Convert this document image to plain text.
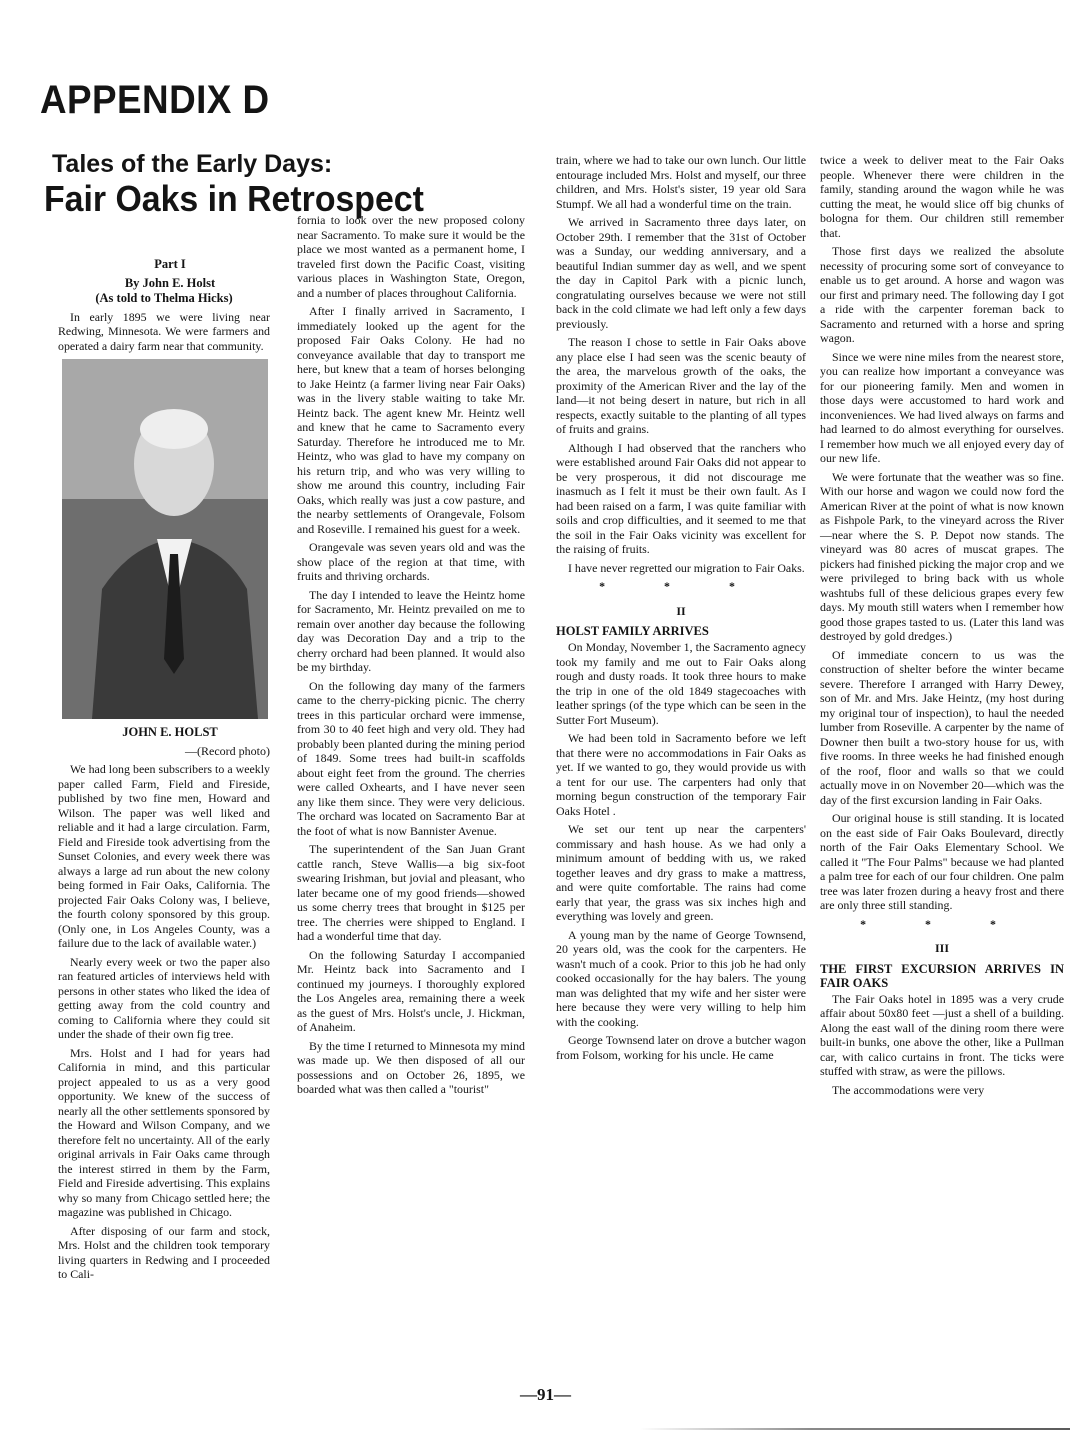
APPENDIX D
Tales of the Early Days:
Fair Oaks in Retrospect

Part I

By John E. Holst
(As told to Thelma Hicks)

In early 1895 we were living near Redwing, Minnesota. We were farmers and operated a dairy farm near that community.

JOHN E. HOLST

—(Record photo)

We had long been subscribers to a weekly paper called Farm, Field and Fireside, published by two fine men, Howard and Wilson. The paper was well liked and reliable and it had a large circulation. Farm, Field and Fireside took advertising from the Sunset Colonies, and every week there was always a large ad run about the new colony being formed in Fair Oaks, California. The projected Fair Oaks Colony was, I believe, the fourth colony sponsored by this group. (Only one, in Los Angeles County, was a failure due to the lack of available water.)

Nearly every week or two the paper also ran featured articles of interviews held with persons in other states who liked the idea of getting away from the cold country and coming to California where they could sit under the shade of their own fig tree.

Mrs. Holst and I had for years had California in mind, and this particular project appealed to us as a very good opportunity. We knew of the success of nearly all the other settlements sponsored by the Howard and Wilson Company, and we therefore felt no uncertainty. All of the early original arrivals in Fair Oaks came through the interest stirred in them by the Farm, Field and Fireside advertising. This explains why so many from Chicago settled here; the magazine was published in Chicago.

After disposing of our farm and stock, Mrs. Holst and the children took temporary living quarters in Redwing and I proceeded to Cali-

fornia to look over the new proposed colony near Sacramento. To make sure it would be the place we most wanted as a permanent home, I traveled first down the Pacific Coast, visiting various places in Washington State, Oregon, and a number of places throughout California.

After I finally arrived in Sacramento, I immediately looked up the agent for the proposed Fair Oaks Colony. He had no conveyance available that day to transport me here, but knew that a team of horses belonging to Jake Heintz (a farmer living near Fair Oaks) was in the livery stable waiting to take Mr. Heintz back. The agent knew Mr. Heintz well and knew that he came to Sacramento every Saturday. Therefore he introduced me to Mr. Heintz, who was glad to have my company on his return trip, and who was very willing to show me around this country, including Fair Oaks, which really was just a cow pasture, and the nearby settlements of Orangevale, Folsom and Roseville. I remained his guest for a week.

Orangevale was seven years old and was the show place of the region at that time, with fruits and thriving orchards.

The day I intended to leave the Heintz home for Sacramento, Mr. Heintz prevailed on me to remain over another day because the following day was Decoration Day and a trip to the cherry orchard had been planned. It would also be my birthday.

On the following day many of the farmers came to the cherry-picking picnic. The cherry trees in this particular orchard were immense, from 30 to 40 feet high and very old. They had probably been planted during the mining period of 1849. Some trees had built-in scaffolds about eight feet from the ground. The cherries were called Oxhearts, and I have never seen any like them since. They were very delicious. The orchard was located on Sacramento Bar at the foot of what is now Bannister Avenue.

The superintendent of the San Juan Grant cattle ranch, Steve Wallis—a big six-foot swearing Irishman, but jovial and pleasant, who later became one of my good friends—showed us some cherry trees that brought in $125 per tree. The cherries were shipped to England. I had a wonderful time that day.

On the following Saturday I accompanied Mr. Heintz back into Sacramento and I continued my journeys. I thoroughly explored the Los Angeles area, remaining there a week as the guest of Mrs. Holst's uncle, J. Hickman, of Anaheim.

By the time I returned to Minnesota my mind was made up. We then disposed of all our possessions and on October 26, 1895, we boarded what was then called a "tourist"

train, where we had to take our own lunch. Our little entourage included Mrs. Holst and myself, our three children, and Mrs. Holst's sister, 19 year old Sara Stumpf. We all had a wonderful time on the train.

We arrived in Sacramento three days later, on October 29th. I remember that the 31st of October was a Sunday, our wedding anniversary, and a beautiful Indian summer day as well, and we spent the day in Capitol Park with a picnic lunch, congratulating ourselves because we were not still back in the cold climate we had left only a few days previously.

The reason I chose to settle in Fair Oaks above any place else I had seen was the scenic beauty of the area, the marvelous growth of the oaks, the proximity of the American River and the lay of the land—it not being desert in nature, but rich in all respects, exactly suitable to the planting of all types of fruits and grains.

Although I had observed that the ranchers who were established around Fair Oaks did not appear to be very prosperous, it did not discourage me inasmuch as I felt it must be their own fault. As I had been raised on a farm, I was quite familiar with soils and crop difficulties, and it seemed to me that the soil in the Fair Oaks vicinity was excellent for the raising of fruits.

I have never regretted our migration to Fair Oaks.

* * *
II
HOLST FAMILY ARRIVES

On Monday, November 1, the Sacramento agnecy took my family and me out to Fair Oaks along rough and dusty roads. It took three hours to make the trip in one of the old 1849 stagecoaches with leather springs (of the type which can be seen in the Sutter Fort Museum).

We had been told in Sacramento before we left that there were no accommodations in Fair Oaks as yet. If we wanted to go, they would provide us with a tent for our use. The carpenters had only that morning begun construction of the temporary Fair Oaks Hotel .

We set our tent up near the carpenters' commissary and hash house. As we had only a minimum amount of bedding with us, we raked together leaves and dry grass to make a mattress, and were quite comfortable. The rains had come early that year, the grass was six inches high and everything was lovely and green.

A young man by the name of George Townsend, 20 years old, was the cook for the carpenters. He wasn't much of a cook. Prior to this job he had only cooked occasionally for the hay balers. The young man was delighted that my wife and her sister were here because they were very willing to help him with the cooking.

George Townsend later on drove a butcher wagon from Folsom, working for his uncle. He came

twice a week to deliver meat to the Fair Oaks people. Whenever there were children in the family, standing around the wagon while he was cutting the meat, he would slice off big chunks of bologna for them. Our children still remember that.

Those first days we realized the absolute necessity of procuring some sort of conveyance to enable us to get around. A horse and wagon was our first and primary need. The following day I got a ride with the carpenter foreman back to Sacramento and returned with a horse and spring wagon.

Since we were nine miles from the nearest store, you can realize how important a conveyance was for our pioneering family. Men and women in those days were accustomed to hard work and inconveniences. We had lived always on farms and had learned to do almost everything for ourselves. I remember how much we all enjoyed every day of our new life.

We were fortunate that the weather was so fine. With our horse and wagon we could now ford the American River at the point of what is now known as Fishpole Park, to the vineyard across the River—near where the S. P. Depot now stands. The vineyard was 80 acres of muscat grapes. The pickers had finished picking the major crop and we were privileged to bring back with us whole washtubs full of these delicious grapes every few days. My mouth still waters when I remember how good those grapes tasted to us. (Later this land was destroyed by gold dredges.)

Of immediate concern to us was the construction of shelter before the winter became severe. Therefore I arranged with Harry Dewey, son of Mr. and Mrs. Jake Heintz, (my host during my original tour of inspection), to haul the needed lumber from Roseville. A carpenter by the name of Downer then built a two-story house for us, with five rooms. In three weeks he had finished enough of the roof, floor and walls so that we could actually move in on November 20—which was the day of the first excursion landing in Fair Oaks.

Our original house is still standing. It is located on the east side of Fair Oaks Boulevard, directly north of the Fair Oaks Elementary School. We called it "The Four Palms" because we had planted a palm tree for each of our four children. One palm tree was later frozen during a heavy frost and there are only three still standing.

* * *
III
THE FIRST EXCURSION ARRIVES IN FAIR OAKS

The Fair Oaks hotel in 1895 was a very crude affair about 50x80 feet —just a shell of a building. Along the east wall of the dining room there were built-in bunks, one above the other, like a Pullman car, with calico curtains in front. The ticks were stuffed with straw, as were the pillows.

The accommodations were very

—91—
